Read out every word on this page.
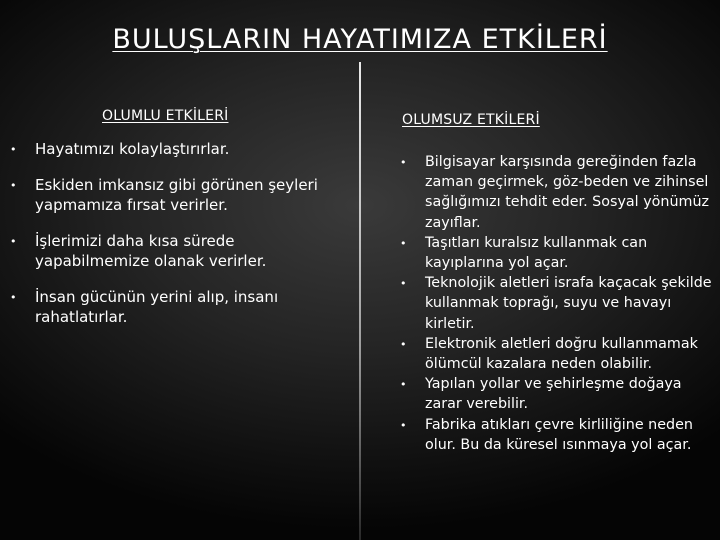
BULUŞLARIN HAYATIMIZA ETKİLERİ
OLUMLU ETKİLERİ
• Hayatımızı kolaylaştırırlar.
• Eskiden imkansız gibi görünen şeyleri yapmamıza fırsat verirler.
• İşlerimizi daha kısa sürede yapabilmemize olanak verirler.
• İnsan gücünün yerini alıp, insanı rahatlatırlar.
OLUMSUZ ETKİLERİ
• Bilgisayar karşısında gereğinden fazla zaman geçirmek, göz-beden ve zihinsel sağlığımızı tehdit eder. Sosyal yönümüz zayıflar.
• Taşıtları kuralsız kullanmak can kayıplarına yol açar.
• Teknolojik aletleri israfa kaçacak şekilde kullanmak toprağı, suyu ve havayı kirletir.
• Elektronik aletleri doğru kullanmamak ölümcül kazalara neden olabilir.
• Yapılan yollar ve şehirleşme doğaya zarar verebilir.
• Fabrika atıkları çevre kirliliğine neden olur. Bu da küresel ısınmaya yol açar.
